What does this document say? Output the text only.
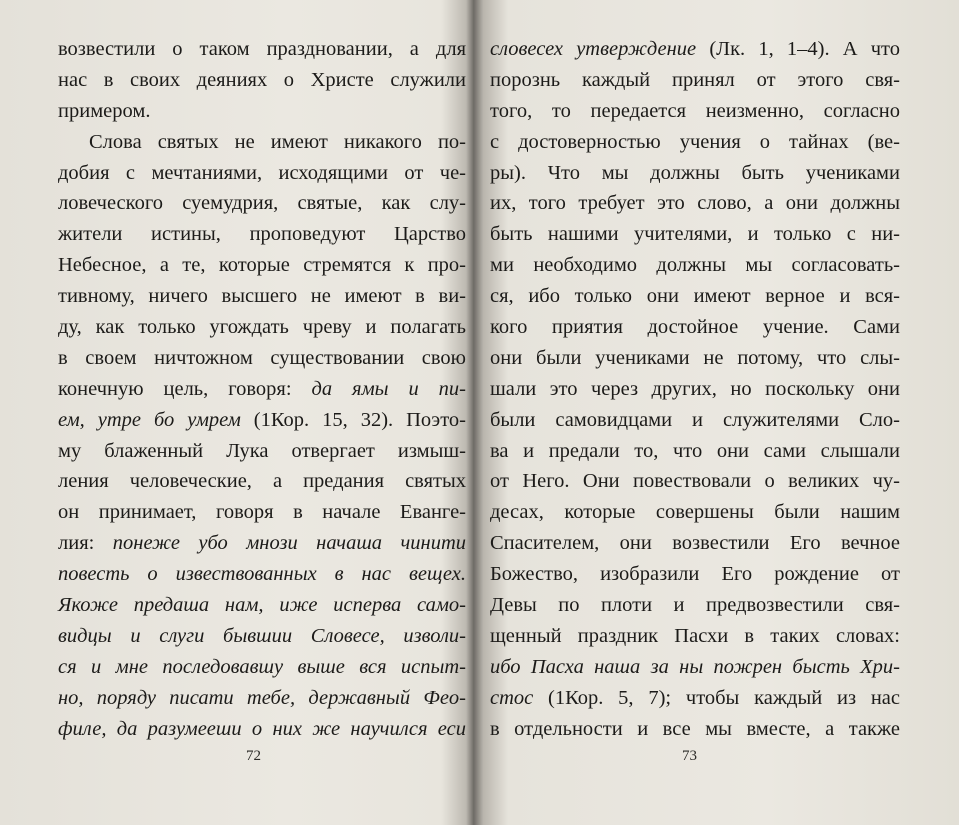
возвестили о таком праздновании, а для
нас в своих деяниях о Христе служили
примером.
Слова святых не имеют никакого по-
добия с мечтаниями, исходящими от че-
ловеческого суемудрия, святые, как слу-
жители истины, проповедуют Царство
Небесное, а те, которые стремятся к про-
тивному, ничего высшего не имеют в ви-
ду, как только угождать чреву и полагать
в своем ничтожном существовании свою
конечную цель, говоря: да ямы и пи-
ем, утре бо умрем (1Кор. 15, 32). Поэто-
му блаженный Лука отвергает измыш-
ления человеческие, а предания святых
он принимает, говоря в начале Еванге-
лия: понеже убо мнози начаша чинити
повесть о извествованных в нас вещех.
Якоже предаша нам, иже исперва само-
видцы и слуги бывшии Словесе, изволи-
ся и мне последовавшу выше вся испыт-
но, поряду писати тебе, державный Феo-
филе, да разумееши о них же научился еси
словесех утверждение (Лк. 1, 1–4). А что
порознь каждый принял от этого свя-
того, то передается неизменно, согласно
с достоверностью учения о тайнах (ве-
ры). Что мы должны быть учениками
их, того требует это слово, а они должны
быть нашими учителями, и только с ни-
ми необходимо должны мы согласовать-
ся, ибо только они имеют верное и вся-
кого приятия достойное учение. Сами
они были учениками не потому, что слы-
шали это через других, но поскольку они
были самовидцами и служителями Сло-
ва и предали то, что они сами слышали
от Него. Они повествовали о великих чу-
десах, которые совершены были нашим
Спасителем, они возвестили Его вечное
Божество, изобразили Его рождение от
Девы по плоти и предвозвестили свя-
щенный праздник Пасхи в таких словах:
ибо Пасха наша за ны пожрен бысть Хри-
стос (1Кор. 5, 7); чтобы каждый из нас
в отдельности и все мы вместе, а также
72	73
